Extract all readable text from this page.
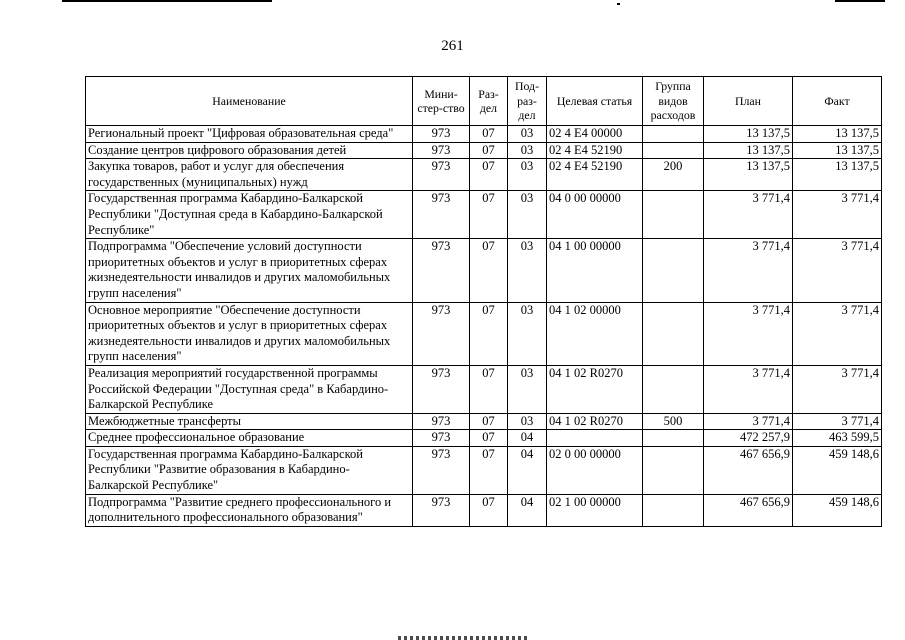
261
Наименование	Мини-стер-ство	Раз-дел	Под-раз-дел	Целевая статья	Группа видов расходов	План	Факт
Региональный проект "Цифровая образовательная среда"	973	07	03	02 4 E4 00000		13 137,5	13 137,5
Создание центров цифрового образования детей	973	07	03	02 4 E4 52190		13 137,5	13 137,5
Закупка товаров, работ и услуг для обеспечения государственных (муниципальных) нужд	973	07	03	02 4 E4 52190	200	13 137,5	13 137,5
Государственная программа Кабардино-Балкарской Республики "Доступная среда в Кабардино-Балкарской Республике"	973	07	03	04 0 00 00000		3 771,4	3 771,4
Подпрограмма "Обеспечение условий доступности приоритетных объектов и услуг в приоритетных сферах жизнедеятельности инвалидов и других маломобильных групп населения"	973	07	03	04 1 00 00000		3 771,4	3 771,4
Основное мероприятие "Обеспечение доступности приоритетных объектов и услуг в приоритетных сферах жизнедеятельности инвалидов и других маломобильных групп населения"	973	07	03	04 1 02 00000		3 771,4	3 771,4
Реализация мероприятий государственной программы Российской Федерации "Доступная среда" в Кабардино-Балкарской Республике	973	07	03	04 1 02 R0270		3 771,4	3 771,4
Межбюджетные трансферты	973	07	03	04 1 02 R0270	500	3 771,4	3 771,4
Среднее профессиональное образование	973	07	04			472 257,9	463 599,5
Государственная программа Кабардино-Балкарской Республики "Развитие образования в Кабардино-Балкарской Республике"	973	07	04	02 0 00 00000		467 656,9	459 148,6
Подпрограмма "Развитие среднего профессионального и дополнительного профессионального образования"	973	07	04	02 1 00 00000		467 656,9	459 148,6
